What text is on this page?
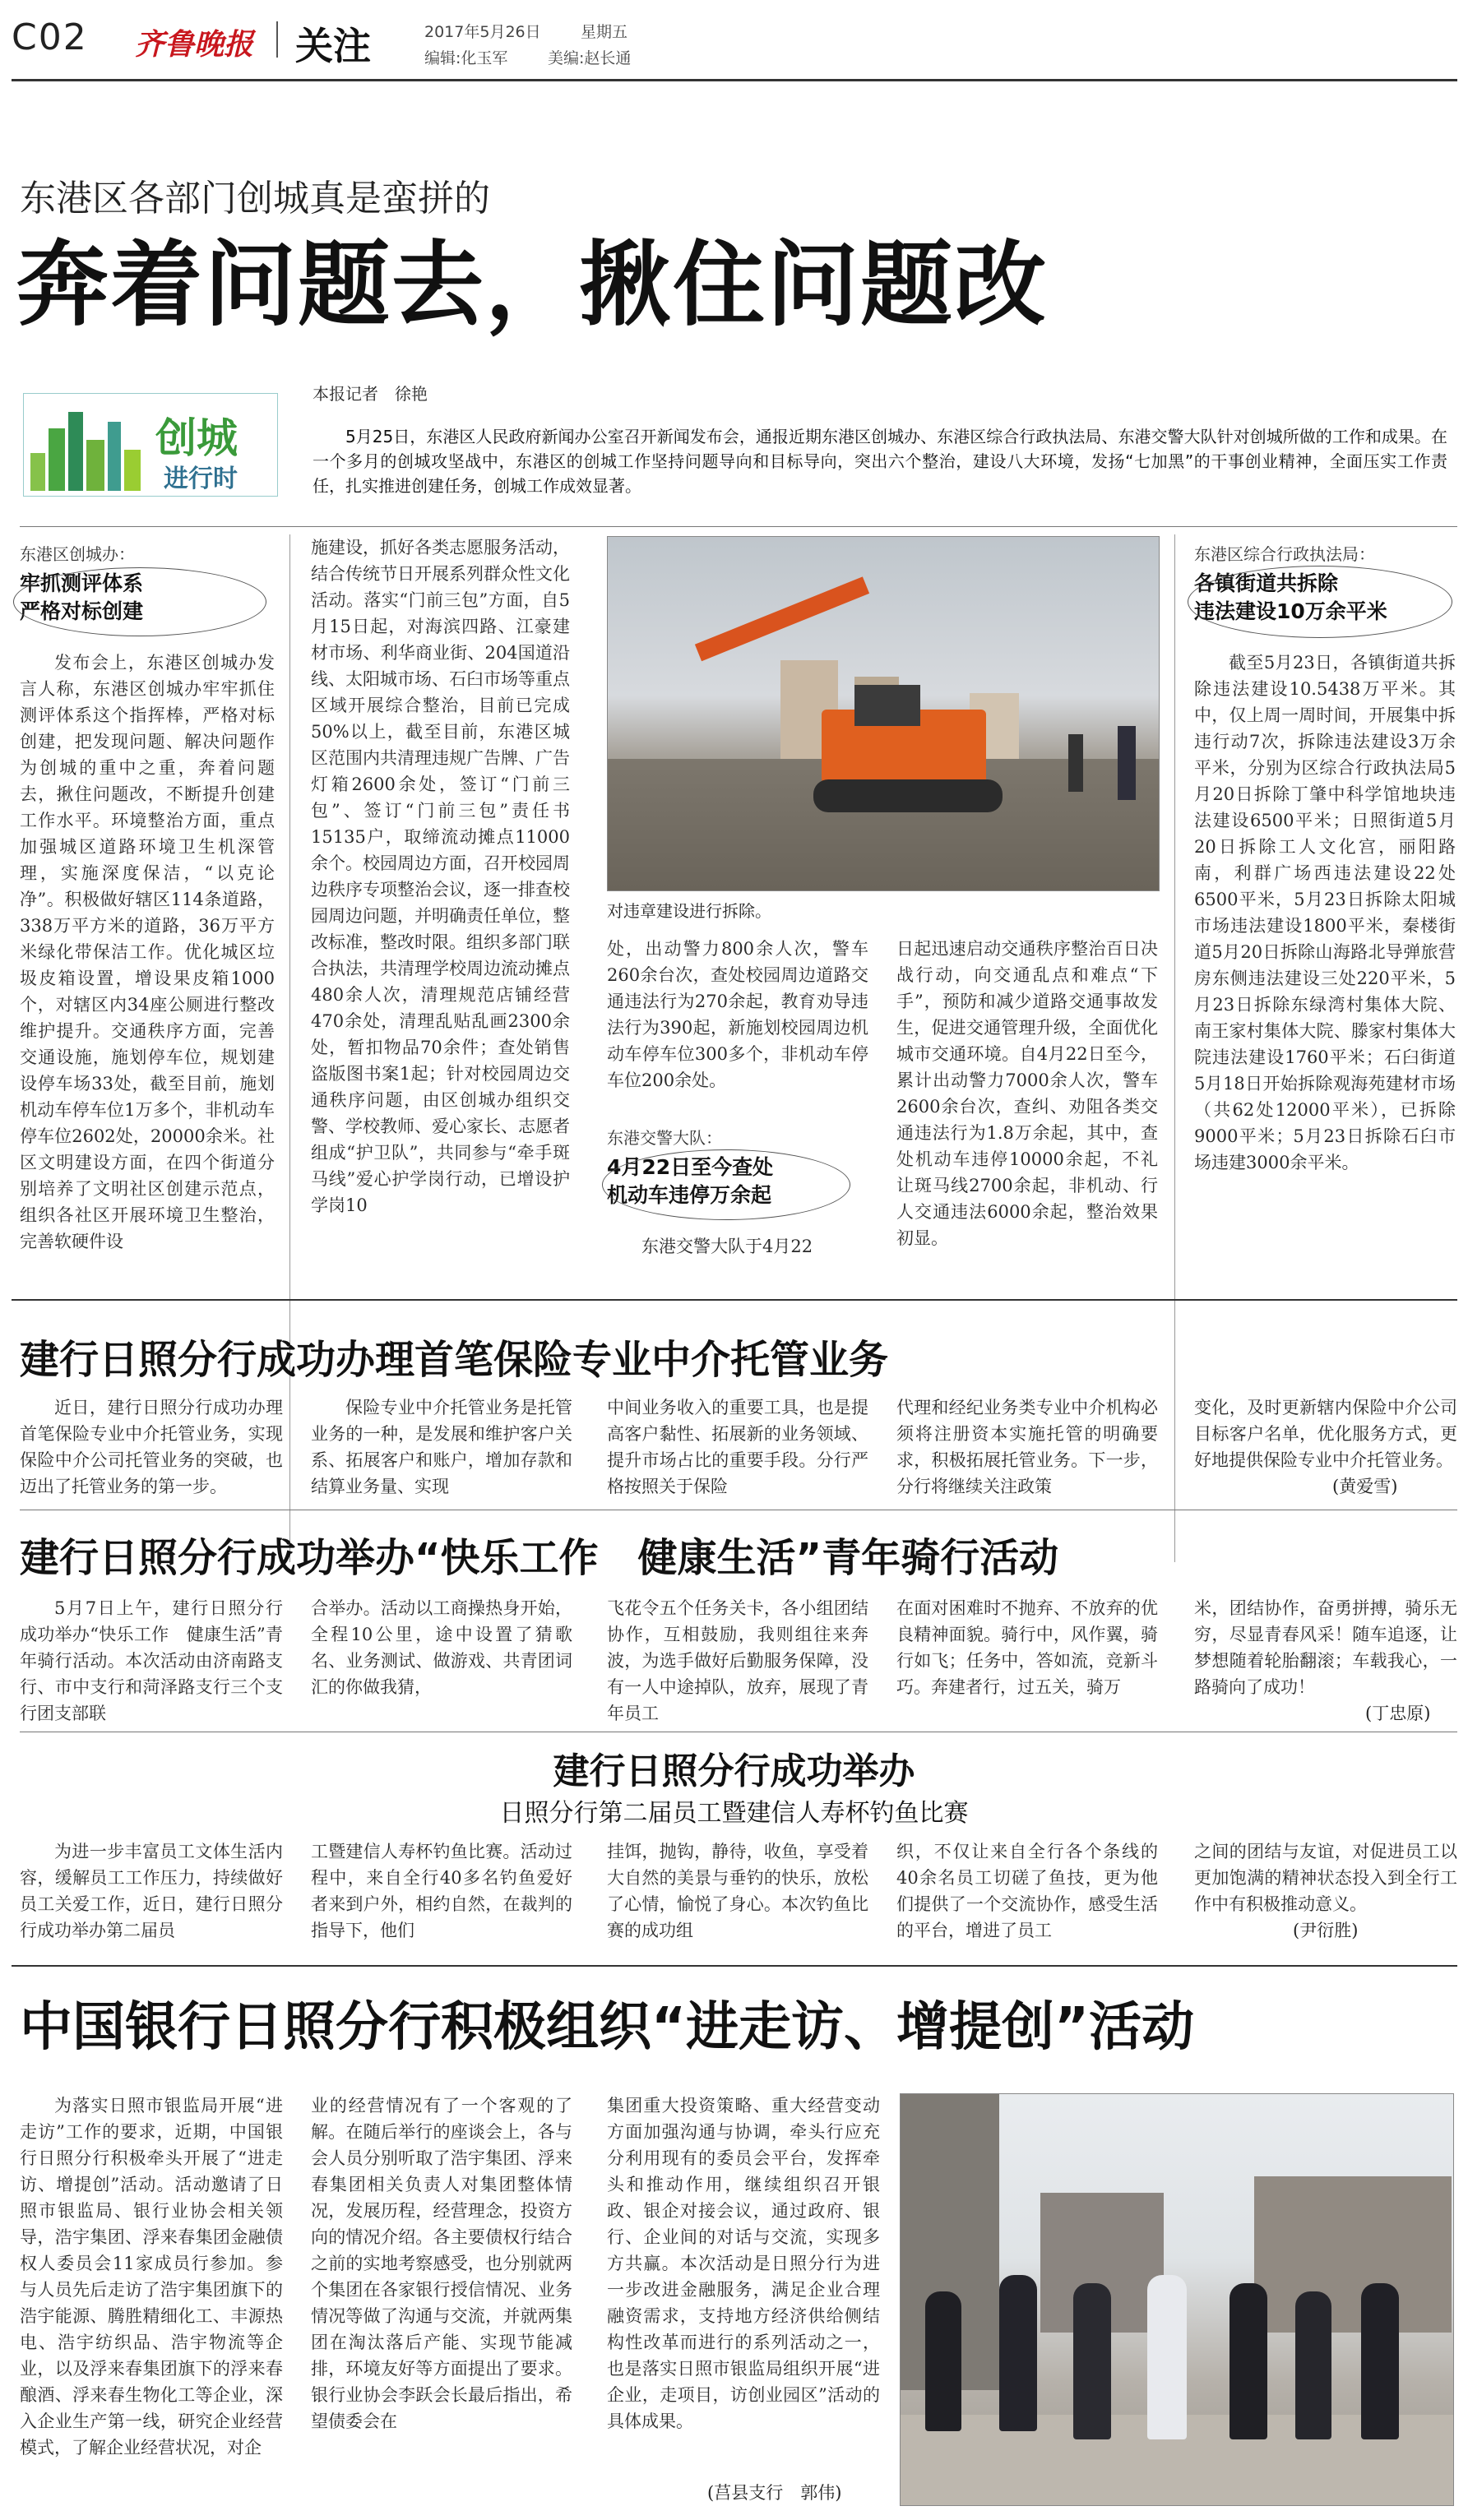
C02 齐鲁晚报 关注	2017年5月26日	星期五
编辑:化玉军	美编:赵长通
东港区各部门创城真是蛮拼的
奔着问题去，揪住问题改
创城
进行时
本报记者　徐艳

5月25日，东港区人民政府新闻办公室召开新闻发布会，通报近期东港区创城办、东港区综合行政执法局、东港交警大队针对创城所做的工作和成果。在一个多月的创城攻坚战中，东港区的创城工作坚持问题导向和目标导向，突出六个整治，建设八大环境，发扬“七加黑”的干事创业精神，全面压实工作责任，扎实推进创建任务，创城工作成效显著。

东港区创城办：
牢抓测评体系
严格对标创建

发布会上，东港区创城办发言人称，东港区创城办牢牢抓住测评体系这个指挥棒，严格对标创建，把发现问题、解决问题作为创城的重中之重，奔着问题去，揪住问题改，不断提升创建工作水平。环境整治方面，重点加强城区道路环境卫生机深管理，实施深度保洁，“以克论净”。积极做好辖区114条道路，338万平方米的道路，36万平方米绿化带保洁工作。优化城区垃圾皮箱设置，增设果皮箱1000个，对辖区内34座公厕进行整改维护提升。交通秩序方面，完善交通设施，施划停车位，规划建设停车场33处，截至目前，施划机动车停车位1万多个，非机动车停车位2602处，20000余米。社区文明建设方面，在四个街道分别培养了文明社区创建示范点，组织各社区开展环境卫生整治，完善软硬件设

施建设，抓好各类志愿服务活动，结合传统节日开展系列群众性文化活动。落实“门前三包”方面，自5月15日起，对海滨四路、江豪建材市场、利华商业街、204国道沿线、太阳城市场、石臼市场等重点区域开展综合整治，目前已完成50%以上，截至目前，东港区城区范围内共清理违规广告牌、广告灯箱2600余处，签订“门前三包”、签订“门前三包”责任书15135户，取缔流动摊点11000余个。校园周边方面，召开校园周边秩序专项整治会议，逐一排查校园周边问题，并明确责任单位，整改标准，整改时限。组织多部门联合执法，共清理学校周边流动摊点480余人次，清理规范店铺经营470余处，清理乱贴乱画2300余处，暂扣物品70余件；查处销售盗版图书案1起；针对校园周边交通秩序问题，由区创城办组织交警、学校教师、爱心家长、志愿者组成“护卫队”，共同参与“牵手斑马线”爱心护学岗行动，已增设护学岗10

对违章建设进行拆除。

处，出动警力800余人次，警车260余台次，查处校园周边道路交通违法行为270余起，教育劝导违法行为390起，新施划校园周边机动车停车位300多个，非机动车停车位200余处。

东港交警大队：
4月22日至今查处
机动车违停万余起

东港交警大队于4月22

日起迅速启动交通秩序整治百日决战行动，向交通乱点和难点“下手”，预防和减少道路交通事故发生，促进交通管理升级，全面优化城市交通环境。自4月22日至今，累计出动警力7000余人次，警车2600余台次，查纠、劝阻各类交通违法行为1.8万余起，其中，查处机动车违停10000余起，不礼让斑马线2700余起，非机动、行人交通违法6000余起，整治效果初显。

东港区综合行政执法局：
各镇街道共拆除
违法建设10万余平米

截至5月23日，各镇街道共拆除违法建设10.5438万平米。其中，仅上周一周时间，开展集中拆违行动7次，拆除违法建设3万余平米，分别为区综合行政执法局5月20日拆除丁肇中科学馆地块违法建设6500平米；日照街道5月20日拆除工人文化宫，丽阳路南，利群广场西违法建设22处6500平米，5月23日拆除太阳城市场违法建设1800平米，秦楼街道5月20日拆除山海路北导弹旅营房东侧违法建设三处220平米，5月23日拆除东绿湾村集体大院、南王家村集体大院、滕家村集体大院违法建设1760平米；石臼街道5月18日开始拆除观海苑建材市场（共62处12000平米），已拆除9000平米；5月23日拆除石臼市场违建3000余平米。

建行日照分行成功办理首笔保险专业中介托管业务

近日，建行日照分行成功办理首笔保险专业中介托管业务，实现保险中介公司托管业务的突破，也迈出了托管业务的第一步。

保险专业中介托管业务是托管业务的一种，是发展和维护客户关系、拓展客户和账户，增加存款和结算业务量、实现

中间业务收入的重要工具，也是提高客户黏性、拓展新的业务领域、提升市场占比的重要手段。分行严格按照关于保险

代理和经纪业务类专业中介机构必须将注册资本实施托管的明确要求，积极拓展托管业务。下一步，分行将继续关注政策

变化，及时更新辖内保险中介公司目标客户名单，优化服务方式，更好地提供保险专业中介托管业务。

(黄爱雪)
建行日照分行成功举办“快乐工作　健康生活”青年骑行活动

5月7日上午，建行日照分行成功举办“快乐工作　健康生活”青年骑行活动。本次活动由济南路支行、市中支行和菏泽路支行三个支行团支部联

合举办。活动以工商操热身开始，全程10公里，途中设置了猜歌名、业务测试、做游戏、共青团词汇的你做我猜，

飞花令五个任务关卡，各小组团结协作，互相鼓励，我则组往来奔波，为选手做好后勤服务保障，没有一人中途掉队，放弃，展现了青年员工

在面对困难时不抛弃、不放弃的优良精神面貌。骑行中，风作翼，骑行如飞；任务中，答如流，竞新斗巧。奔建者行，过五关，骑万

米，团结协作，奋勇拼搏，骑乐无穷，尽显青春风采！随车追逐，让梦想随着轮胎翻滚；车载我心，一路骑向了成功！

(丁忠原)
建行日照分行成功举办
日照分行第二届员工暨建信人寿杯钓鱼比赛

为进一步丰富员工文体生活内容，缓解员工工作压力，持续做好员工关爱工作，近日，建行日照分行成功举办第二届员

工暨建信人寿杯钓鱼比赛。活动过程中，来自全行40多名钓鱼爱好者来到户外，相约自然，在裁判的指导下，他们

挂饵，抛钩，静待，收鱼，享受着大自然的美景与垂钓的快乐，放松了心情，愉悦了身心。本次钓鱼比赛的成功组

织，不仅让来自全行各个条线的40余名员工切磋了鱼技，更为他们提供了一个交流协作，感受生活的平台，增进了员工

之间的团结与友谊，对促进员工以更加饱满的精神状态投入到全行工作中有积极推动意义。

(尹衍胜)
中国银行日照分行积极组织“进走访、增提创”活动

为落实日照市银监局开展“进走访”工作的要求，近期，中国银行日照分行积极牵头开展了“进走访、增提创”活动。活动邀请了日照市银监局、银行业协会相关领导，浩宇集团、浮来春集团金融债权人委员会11家成员行参加。参与人员先后走访了浩宇集团旗下的浩宇能源、腾胜精细化工、丰源热电、浩宇纺织品、浩宇物流等企业，以及浮来春集团旗下的浮来春酿酒、浮来春生物化工等企业，深入企业生产第一线，研究企业经营模式，了解企业经营状况，对企

业的经营情况有了一个客观的了解。在随后举行的座谈会上，各与会人员分别听取了浩宇集团、浮来春集团相关负责人对集团整体情况，发展历程，经营理念，投资方向的情况介绍。各主要债权行结合之前的实地考察感受，也分别就两个集团在各家银行授信情况、业务情况等做了沟通与交流，并就两集团在淘汰落后产能、实现节能减排，环境友好等方面提出了要求。银行业协会李跃会长最后指出，希望债委会在

集团重大投资策略、重大经营变动方面加强沟通与协调，牵头行应充分利用现有的委员会平台，发挥牵头和推动作用，继续组织召开银政、银企对接会议，通过政府、银行、企业间的对话与交流，实现多方共赢。本次活动是日照分行为进一步改进金融服务，满足企业合理融资需求，支持地方经济供给侧结构性改革而进行的系列活动之一，也是落实日照市银监局组织开展“进企业，走项目，访创业园区”活动的具体成果。

(莒县支行　郭伟)
